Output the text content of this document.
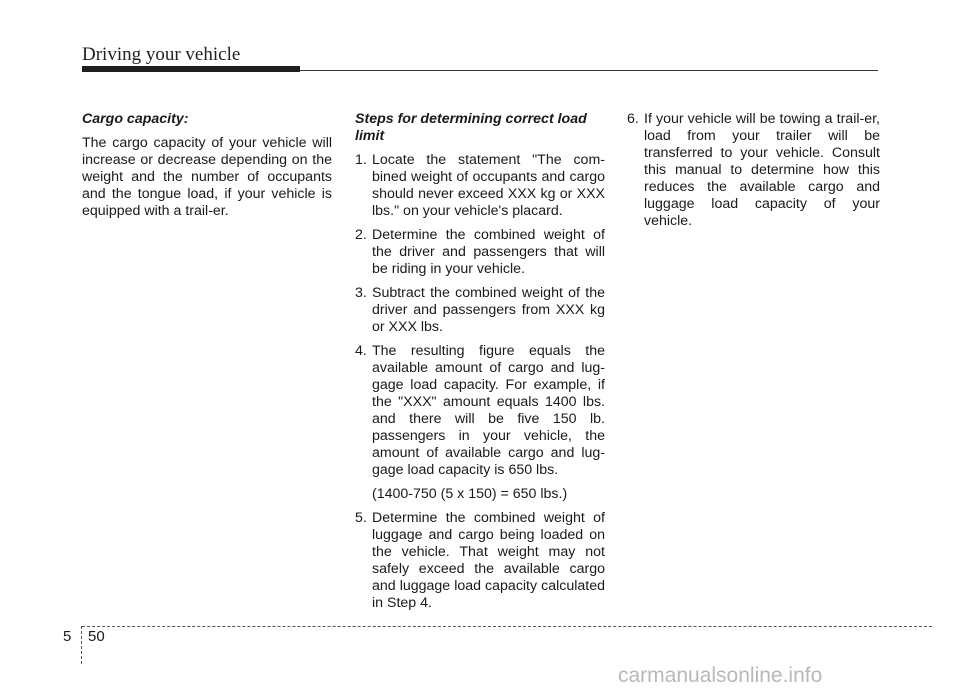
Driving your vehicle
Cargo capacity:

The cargo capacity of your vehicle will increase or decrease depending on the weight and the number of occupants and the tongue load, if your vehicle is equipped with a trail-er.

Steps for determining correct load limit
1. Locate the statement "The com-bined weight of occupants and cargo should never exceed XXX kg or XXX lbs." on your vehicle's placard.
2. Determine the combined weight of the driver and passengers that will be riding in your vehicle.
3. Subtract the combined weight of the driver and passengers from XXX kg or XXX lbs.
4. The resulting figure equals the available amount of cargo and lug-gage load capacity. For example, if the "XXX" amount equals 1400 lbs. and there will be five 150 lb. passengers in your vehicle, the amount of available cargo and lug-gage load capacity is 650 lbs.
(1400-750 (5 x 150) = 650 lbs.)
5. Determine the combined weight of luggage and cargo being loaded on the vehicle. That weight may not safely exceed the available cargo and luggage load capacity calculated in Step 4.
6. If your vehicle will be towing a trail-er, load from your trailer will be transferred to your vehicle. Consult this manual to determine how this reduces the available cargo and luggage load capacity of your vehicle.
5 50
carmanualsonline.info
